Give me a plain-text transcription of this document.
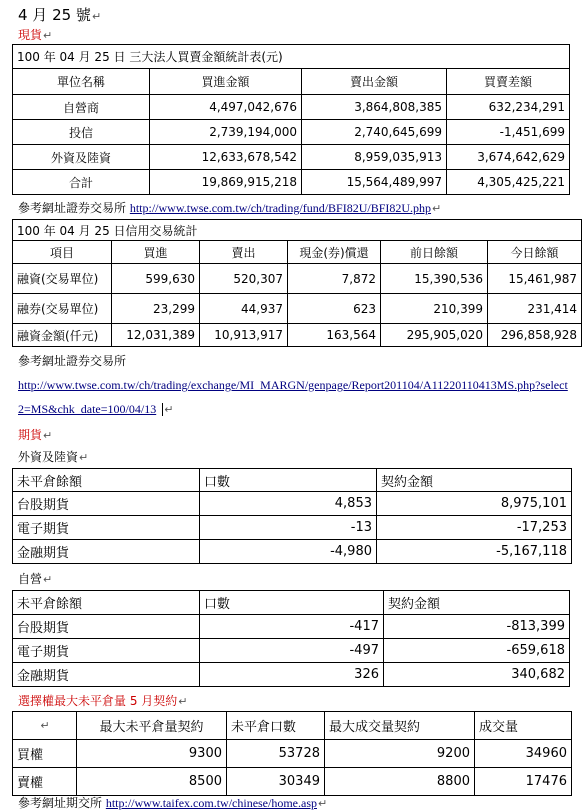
4 月 25 號↵
現貨↵
100 年 04 月 25 日 三大法人買賣金額統計表(元)			
單位名稱	買進金額	賣出金額	買賣差額
自營商	4,497,042,676	3,864,808,385	632,234,291
投信	2,739,194,000	2,740,645,699	-1,451,699
外資及陸資	12,633,678,542	8,959,035,913	3,674,642,629
合計	19,869,915,218	15,564,489,997	4,305,425,221
參考網址證券交易所 http://www.twse.com.tw/ch/trading/fund/BFI82U/BFI82U.php↵
100 年 04 月 25 日信用交易統計					
項目	買進	賣出	現金(券)償還	前日餘額	今日餘額
融資(交易單位)	599,630	520,307	7,872	15,390,536	15,461,987
融券(交易單位)	23,299	44,937	623	210,399	231,414
融資金額(仟元)	12,031,389	10,913,917	163,564	295,905,020	296,858,928
參考網址證券交易所
http://www.twse.com.tw/ch/trading/exchange/MI_MARGN/genpage/Report201104/A11220110413MS.php?select
2=MS&chk_date=100/04/13 ↵
期貨↵
外資及陸資↵
未平倉餘額	口數	契約金額
台股期貨	4,853	8,975,101
電子期貨	-13	-17,253
金融期貨	-4,980	-5,167,118
自營↵
未平倉餘額	口數	契約金額
台股期貨	-417	-813,399
電子期貨	-497	-659,618
金融期貨	326	340,682
選擇權最大未平倉量 5 月契約↵
↵	最大未平倉量契約	未平倉口數	最大成交量契約	成交量
買權	9300	53728	9200	34960
賣權	8500	30349	8800	17476
參考網址期交所 http://www.taifex.com.tw/chinese/home.asp↵
